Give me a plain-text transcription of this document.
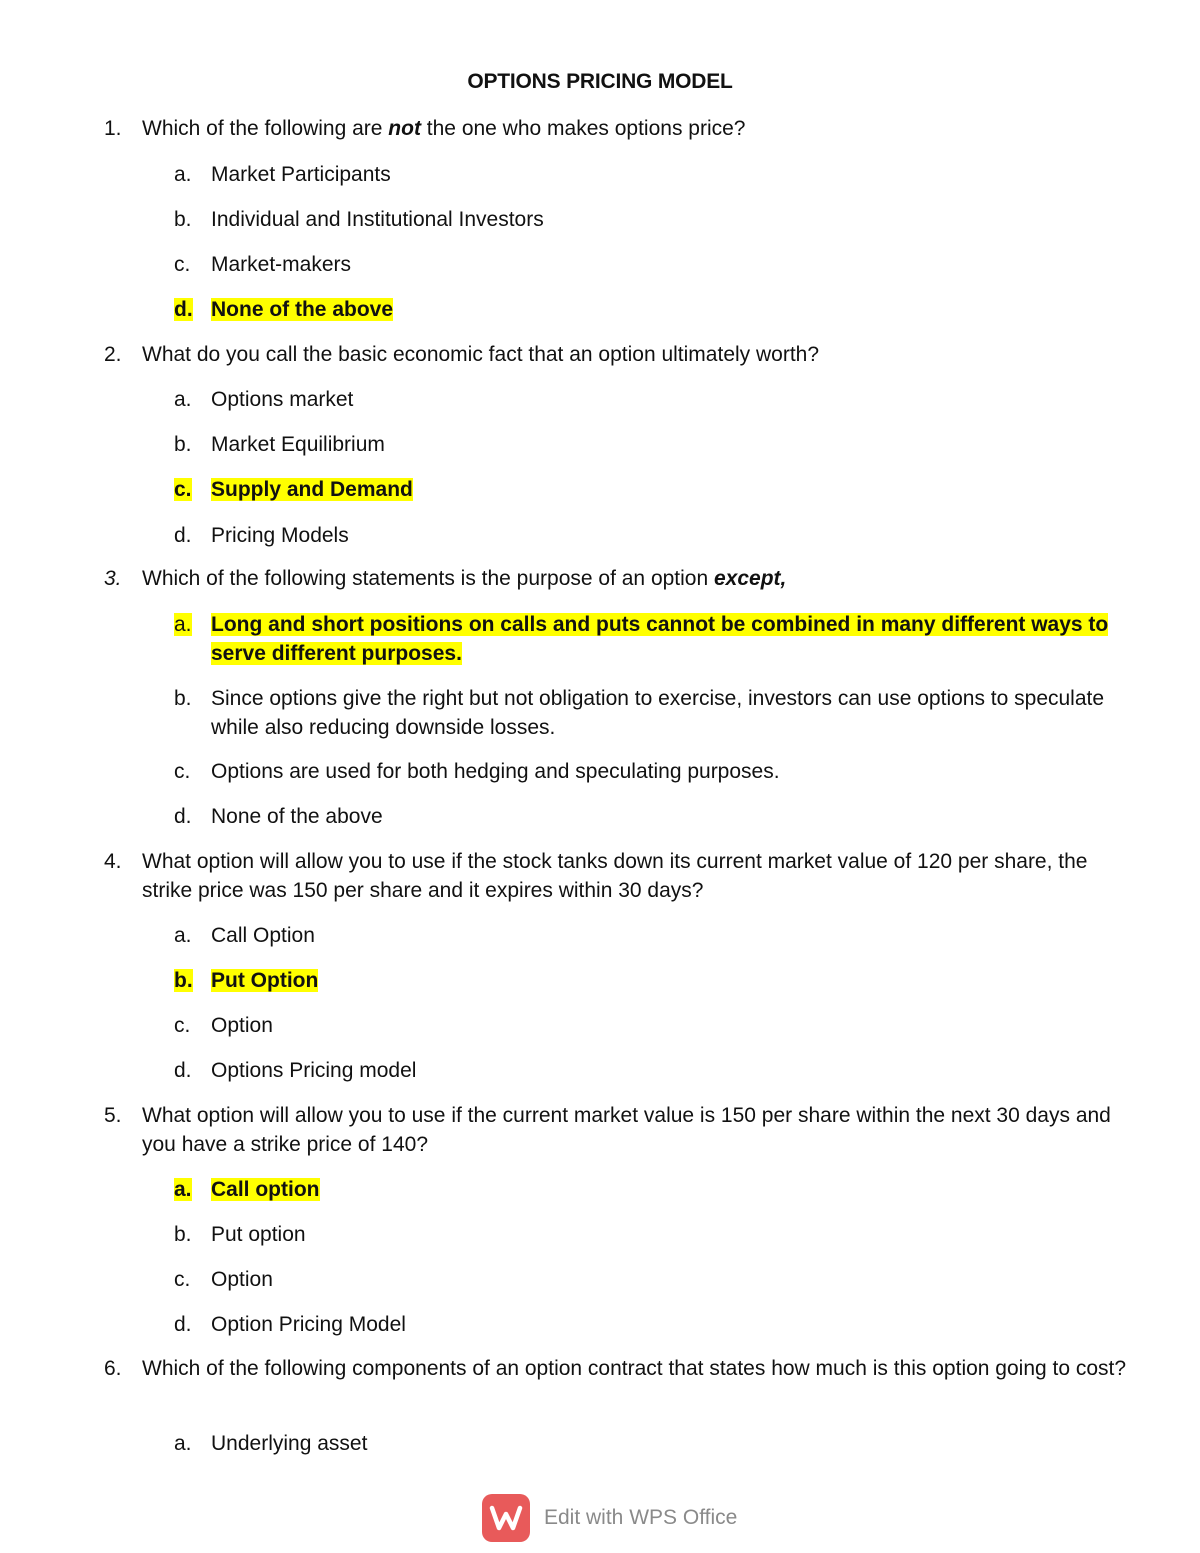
OPTIONS PRICING MODEL
1. Which of the following are not the one who makes options price?
a. Market Participants
b. Individual and Institutional Investors
c. Market-makers
d. None of the above
2. What do you call the basic economic fact that an option ultimately worth?
a. Options market
b. Market Equilibrium
c. Supply and Demand
d. Pricing Models
3. Which of the following statements is the purpose of an option except,
a. Long and short positions on calls and puts cannot be combined in many different ways to serve different purposes.
b. Since options give the right but not obligation to exercise, investors can use options to speculate while also reducing downside losses.
c. Options are used for both hedging and speculating purposes.
d. None of the above
4. What option will allow you to use if the stock tanks down its current market value of 120 per share, the strike price was 150 per share and it expires within 30 days?
a. Call Option
b. Put Option
c. Option
d. Options Pricing model
5. What option will allow you to use if the current market value is 150 per share within the next 30 days and you have a strike price of 140?
a. Call option
b. Put option
c. Option
d. Option Pricing Model
6. Which of the following components of an option contract that states how much is this option going to cost?
a. Underlying asset
Edit with WPS Office
